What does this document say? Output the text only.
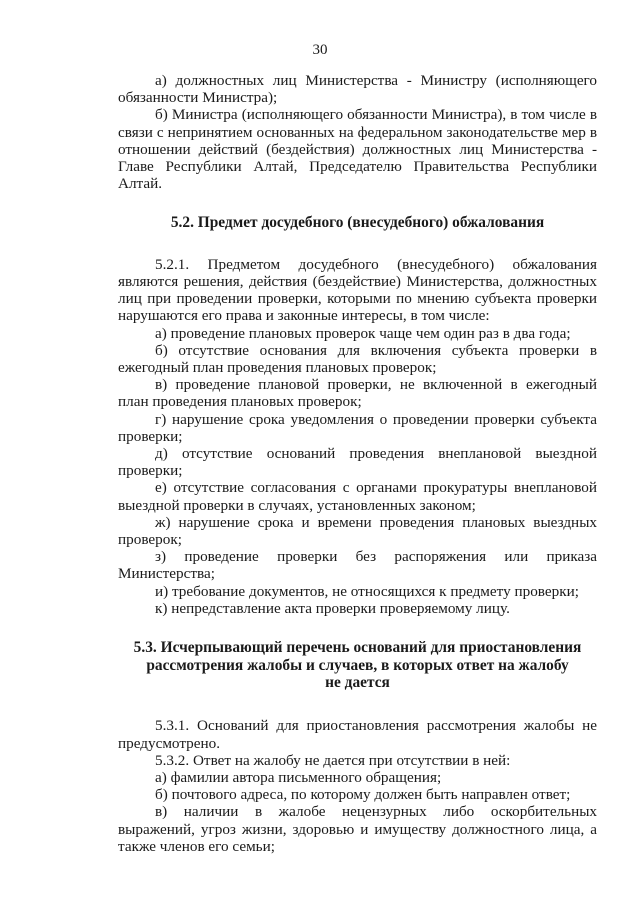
30

а) должностных лиц Министерства - Министру (исполняющего обязанности Министра);

б) Министра (исполняющего обязанности Министра), в том числе в связи с непринятием основанных на федеральном законодательстве мер в отношении действий (бездействия) должностных лиц Министерства - Главе Республики Алтай, Председателю Правительства Республики Алтай.

5.2. Предмет досудебного (внесудебного) обжалования

5.2.1. Предметом досудебного (внесудебного) обжалования являются решения, действия (бездействие) Министерства, должностных лиц при проведении проверки, которыми по мнению субъекта проверки нарушаются его права и законные интересы, в том числе:

а) проведение плановых проверок чаще чем один раз в два года;

б) отсутствие основания для включения субъекта проверки в ежегодный план проведения плановых проверок;

в) проведение плановой проверки, не включенной в ежегодный план проведения плановых проверок;

г) нарушение срока уведомления о проведении проверки субъекта проверки;

д) отсутствие оснований проведения внеплановой выездной проверки;

е) отсутствие согласования с органами прокуратуры внеплановой выездной проверки в случаях, установленных законом;

ж) нарушение срока и времени проведения плановых выездных проверок;

з) проведение проверки без распоряжения или приказа Министерства;

и) требование документов, не относящихся к предмету проверки;

к) непредставление акта проверки проверяемому лицу.

5.3. Исчерпывающий перечень оснований для приостановления

рассмотрения жалобы и случаев, в которых ответ на жалобу

не дается

5.3.1. Оснований для приостановления рассмотрения жалобы не предусмотрено.

5.3.2. Ответ на жалобу не дается при отсутствии в ней:

а) фамилии автора письменного обращения;

б) почтового адреса, по которому должен быть направлен ответ;

в) наличии в жалобе нецензурных либо оскорбительных выражений, угроз жизни, здоровью и имуществу должностного лица, а также членов его семьи;
